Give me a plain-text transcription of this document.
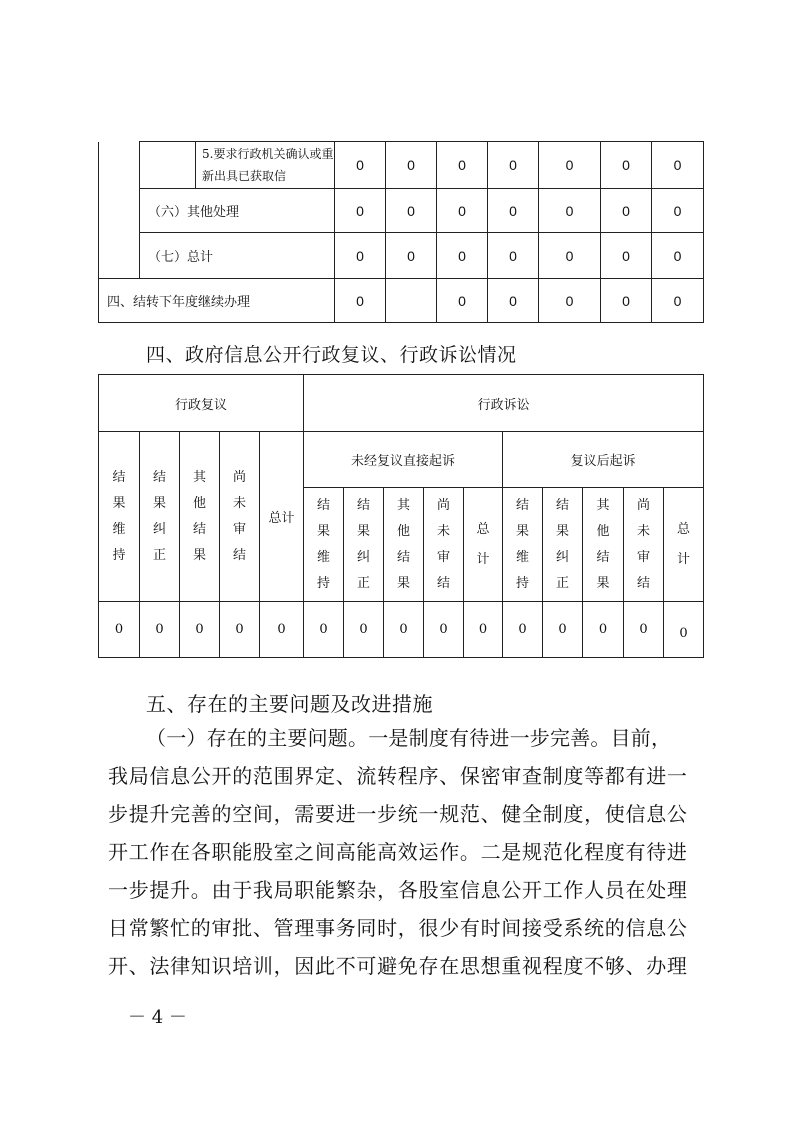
		5.要求行政机关确认或重新出具已获取信	0	0	0	0	0	0	0
	（六）其他处理		0	0	0	0	0	0	0
	（七）总计		0	0	0	0	0	0	0
四、结转下年度继续办理			0		0	0	0	0	0
四、政府信息公开行政复议、行政诉讼情况
行政复议					行政诉讼									
结果维持	结果纠正	其他结果	尚未审结	总计	未经复议直接起诉					复议后起诉				
					结果维持	结果纠正	其他结果	尚未审结	总计	结果维持	结果纠正	其他结果	尚未审结	总计
0	0	0	0	0	0	0	0	0	0	0	0	0	0	0
五、存在的主要问题及改进措施
（一）存在的主要问题。一是制度有待进一步完善。目前，
我局信息公开的范围界定、流转程序、保密审查制度等都有进一
步提升完善的空间，需要进一步统一规范、健全制度，使信息公
开工作在各职能股室之间高能高效运作。二是规范化程度有待进
一步提升。由于我局职能繁杂，各股室信息公开工作人员在处理
日常繁忙的审批、管理事务同时，很少有时间接受系统的信息公
开、法律知识培训，因此不可避免存在思想重视程度不够、办理
－ 4 －
